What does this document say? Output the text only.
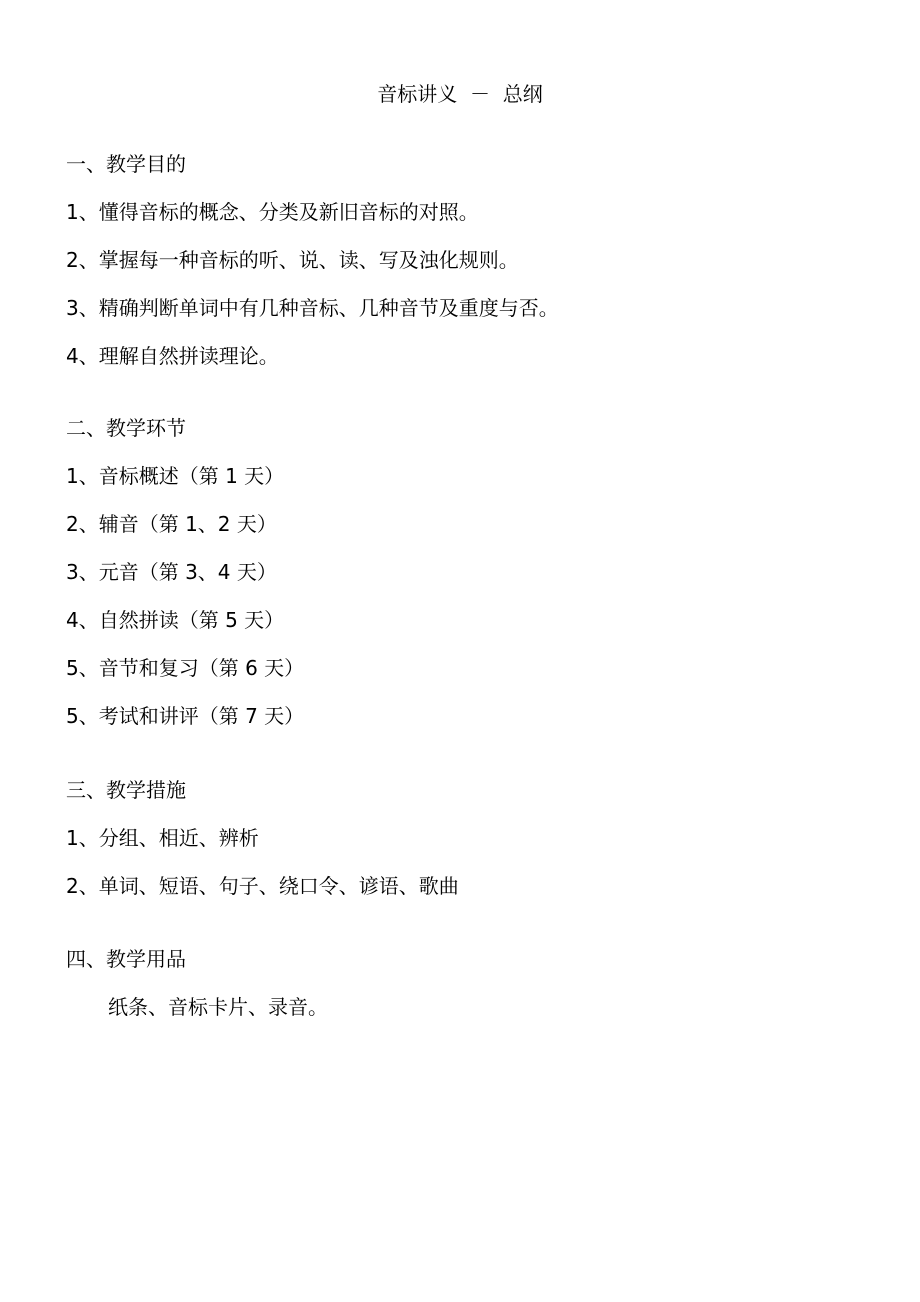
音标讲义  －  总纲
一、教学目的
1、懂得音标的概念、分类及新旧音标的对照。
2、掌握每一种音标的听、说、读、写及浊化规则。
3、精确判断单词中有几种音标、几种音节及重度与否。
4、理解自然拼读理论。
二、教学环节
1、音标概述（第 1 天）
2、辅音（第 1、2 天）
3、元音（第 3、4 天）
4、自然拼读（第 5 天）
5、音节和复习（第 6 天）
5、考试和讲评（第 7 天）
三、教学措施
1、分组、相近、辨析
2、单词、短语、句子、绕口令、谚语、歌曲
四、教学用品
纸条、音标卡片、录音。
